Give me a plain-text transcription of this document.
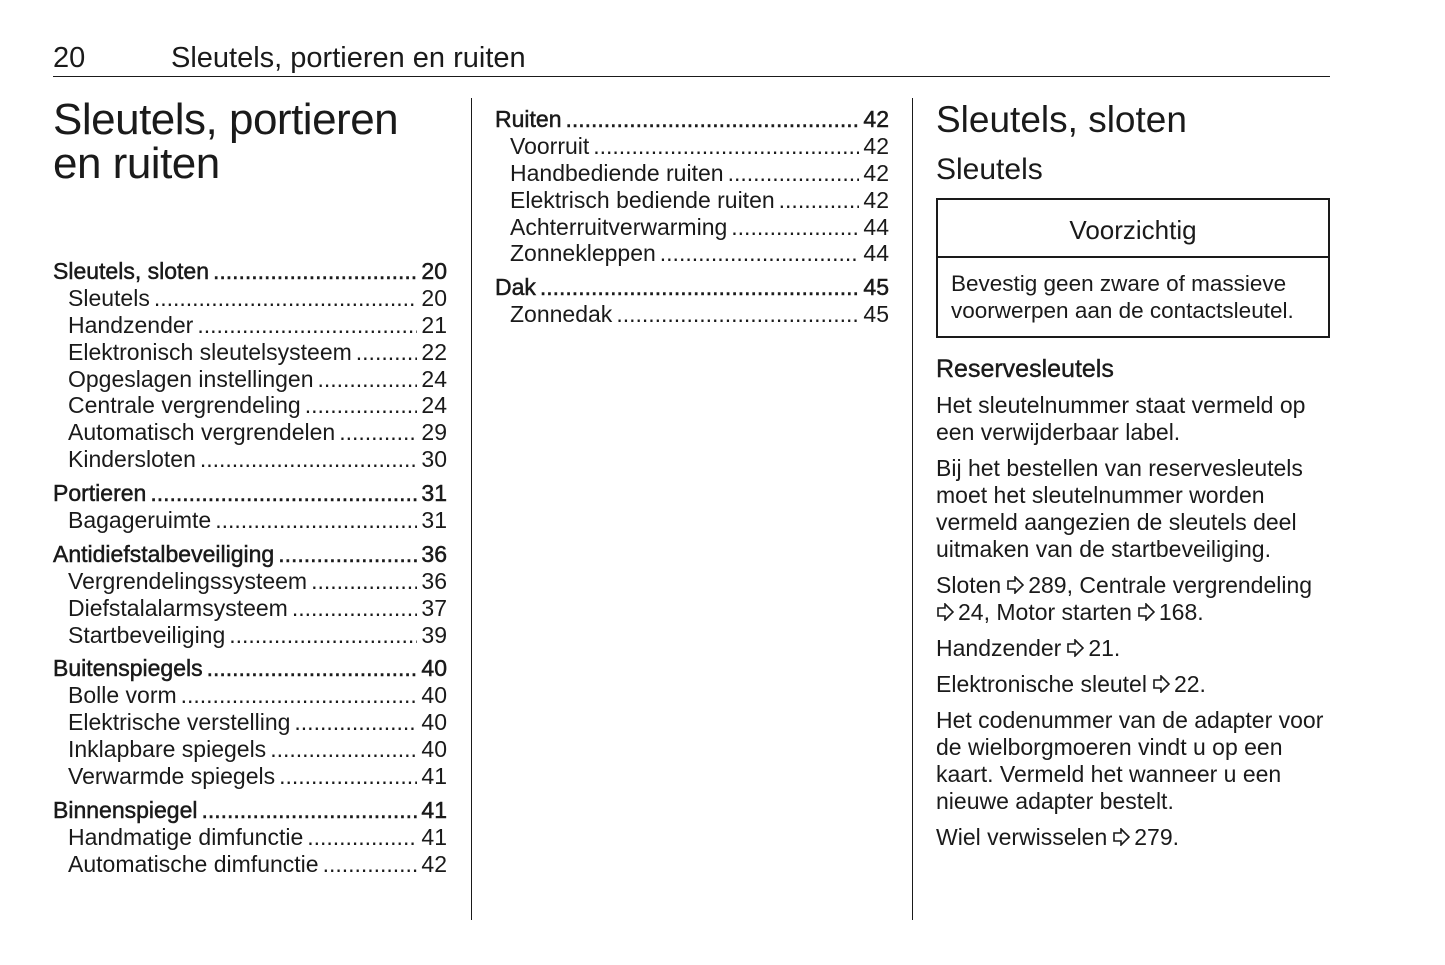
20	Sleutels, portieren en ruiten
Sleutels, portieren
en ruiten
Sleutels, sloten . . .	20
Sleutels . . .	20
Handzender . . .	21
Elektronisch sleutelsysteem . . .	22
Opgeslagen instellingen . . .	24
Centrale vergrendeling . . .	24
Automatisch vergrendelen . . .	29
Kindersloten . . .	30
Portieren . . .	31
Bagageruimte . . .	31
Antidiefstalbeveiliging . . .	36
Vergrendelingssysteem . . .	36
Diefstalalarmsysteem . . .	37
Startbeveiliging . . .	39
Buitenspiegels . . .	40
Bolle vorm . . .	40
Elektrische verstelling . . .	40
Inklapbare spiegels . . .	40
Verwarmde spiegels . . .	41
Binnenspiegel . . .	41
Handmatige dimfunctie . . .	41
Automatische dimfunctie . . .	42
Ruiten . . .	42
Voorruit . . .	42
Handbediende ruiten . . .	42
Elektrisch bediende ruiten . . .	42
Achterruitverwarming . . .	44
Zonnekleppen . . .	44
Dak . . .	45
Zonnedak . . .	45
Sleutels, sloten
Sleutels
Voorzichtig
Bevestig geen zware of massieve voorwerpen aan de contactsleutel.
Reservesleutels

Het sleutelnummer staat vermeld op een verwijderbaar label.

Bij het bestellen van reservesleutels moet het sleutelnummer worden vermeld aangezien de sleutels deel uitmaken van de startbeveiliging.

Sloten 289, Centrale vergrendeling

24, Motor starten 168.

Handzender 21.

Elektronische sleutel 22.

Het codenummer van de adapter voor de wielborgmoeren vindt u op een kaart. Vermeld het wanneer u een nieuwe adapter bestelt.

Wiel verwisselen 279.
